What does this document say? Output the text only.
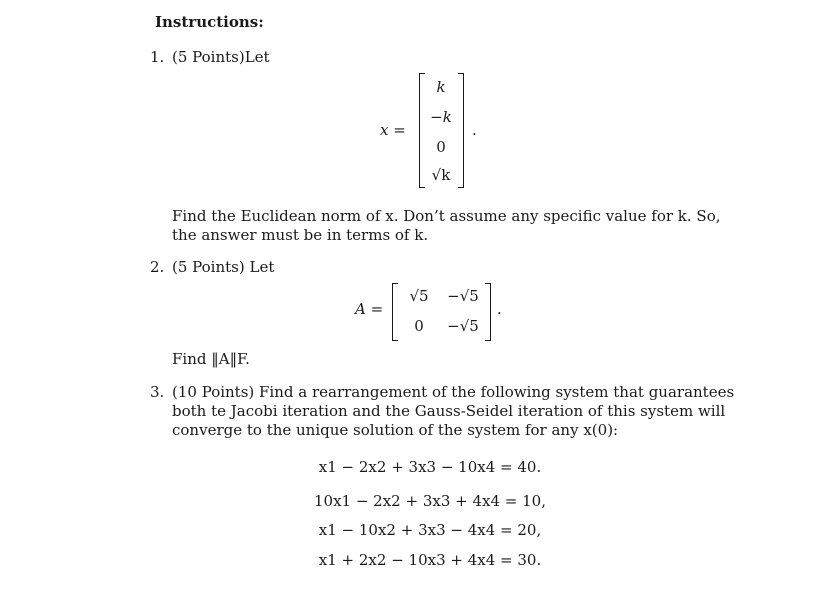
Instructions:
1. (5 Points)Let
x =
k
−k
0
√k
.
Find the Euclidean norm of x. Don’t assume any specific value for k. So,
the answer must be in terms of k.
2. (5 Points) Let
A =
√5	−√5
0	−√5
.
Find ‖A‖F.
3. (10 Points) Find a rearrangement of the following system that guarantees
both te Jacobi iteration and the Gauss-Seidel iteration of this system will
converge to the unique solution of the system for any x(0):
x1 − 2x2 + 3x3 − 10x4 = 40.
10x1 − 2x2 + 3x3 + 4x4 = 10,
x1 − 10x2 + 3x3 − 4x4 = 20,
x1 + 2x2 − 10x3 + 4x4 = 30.
